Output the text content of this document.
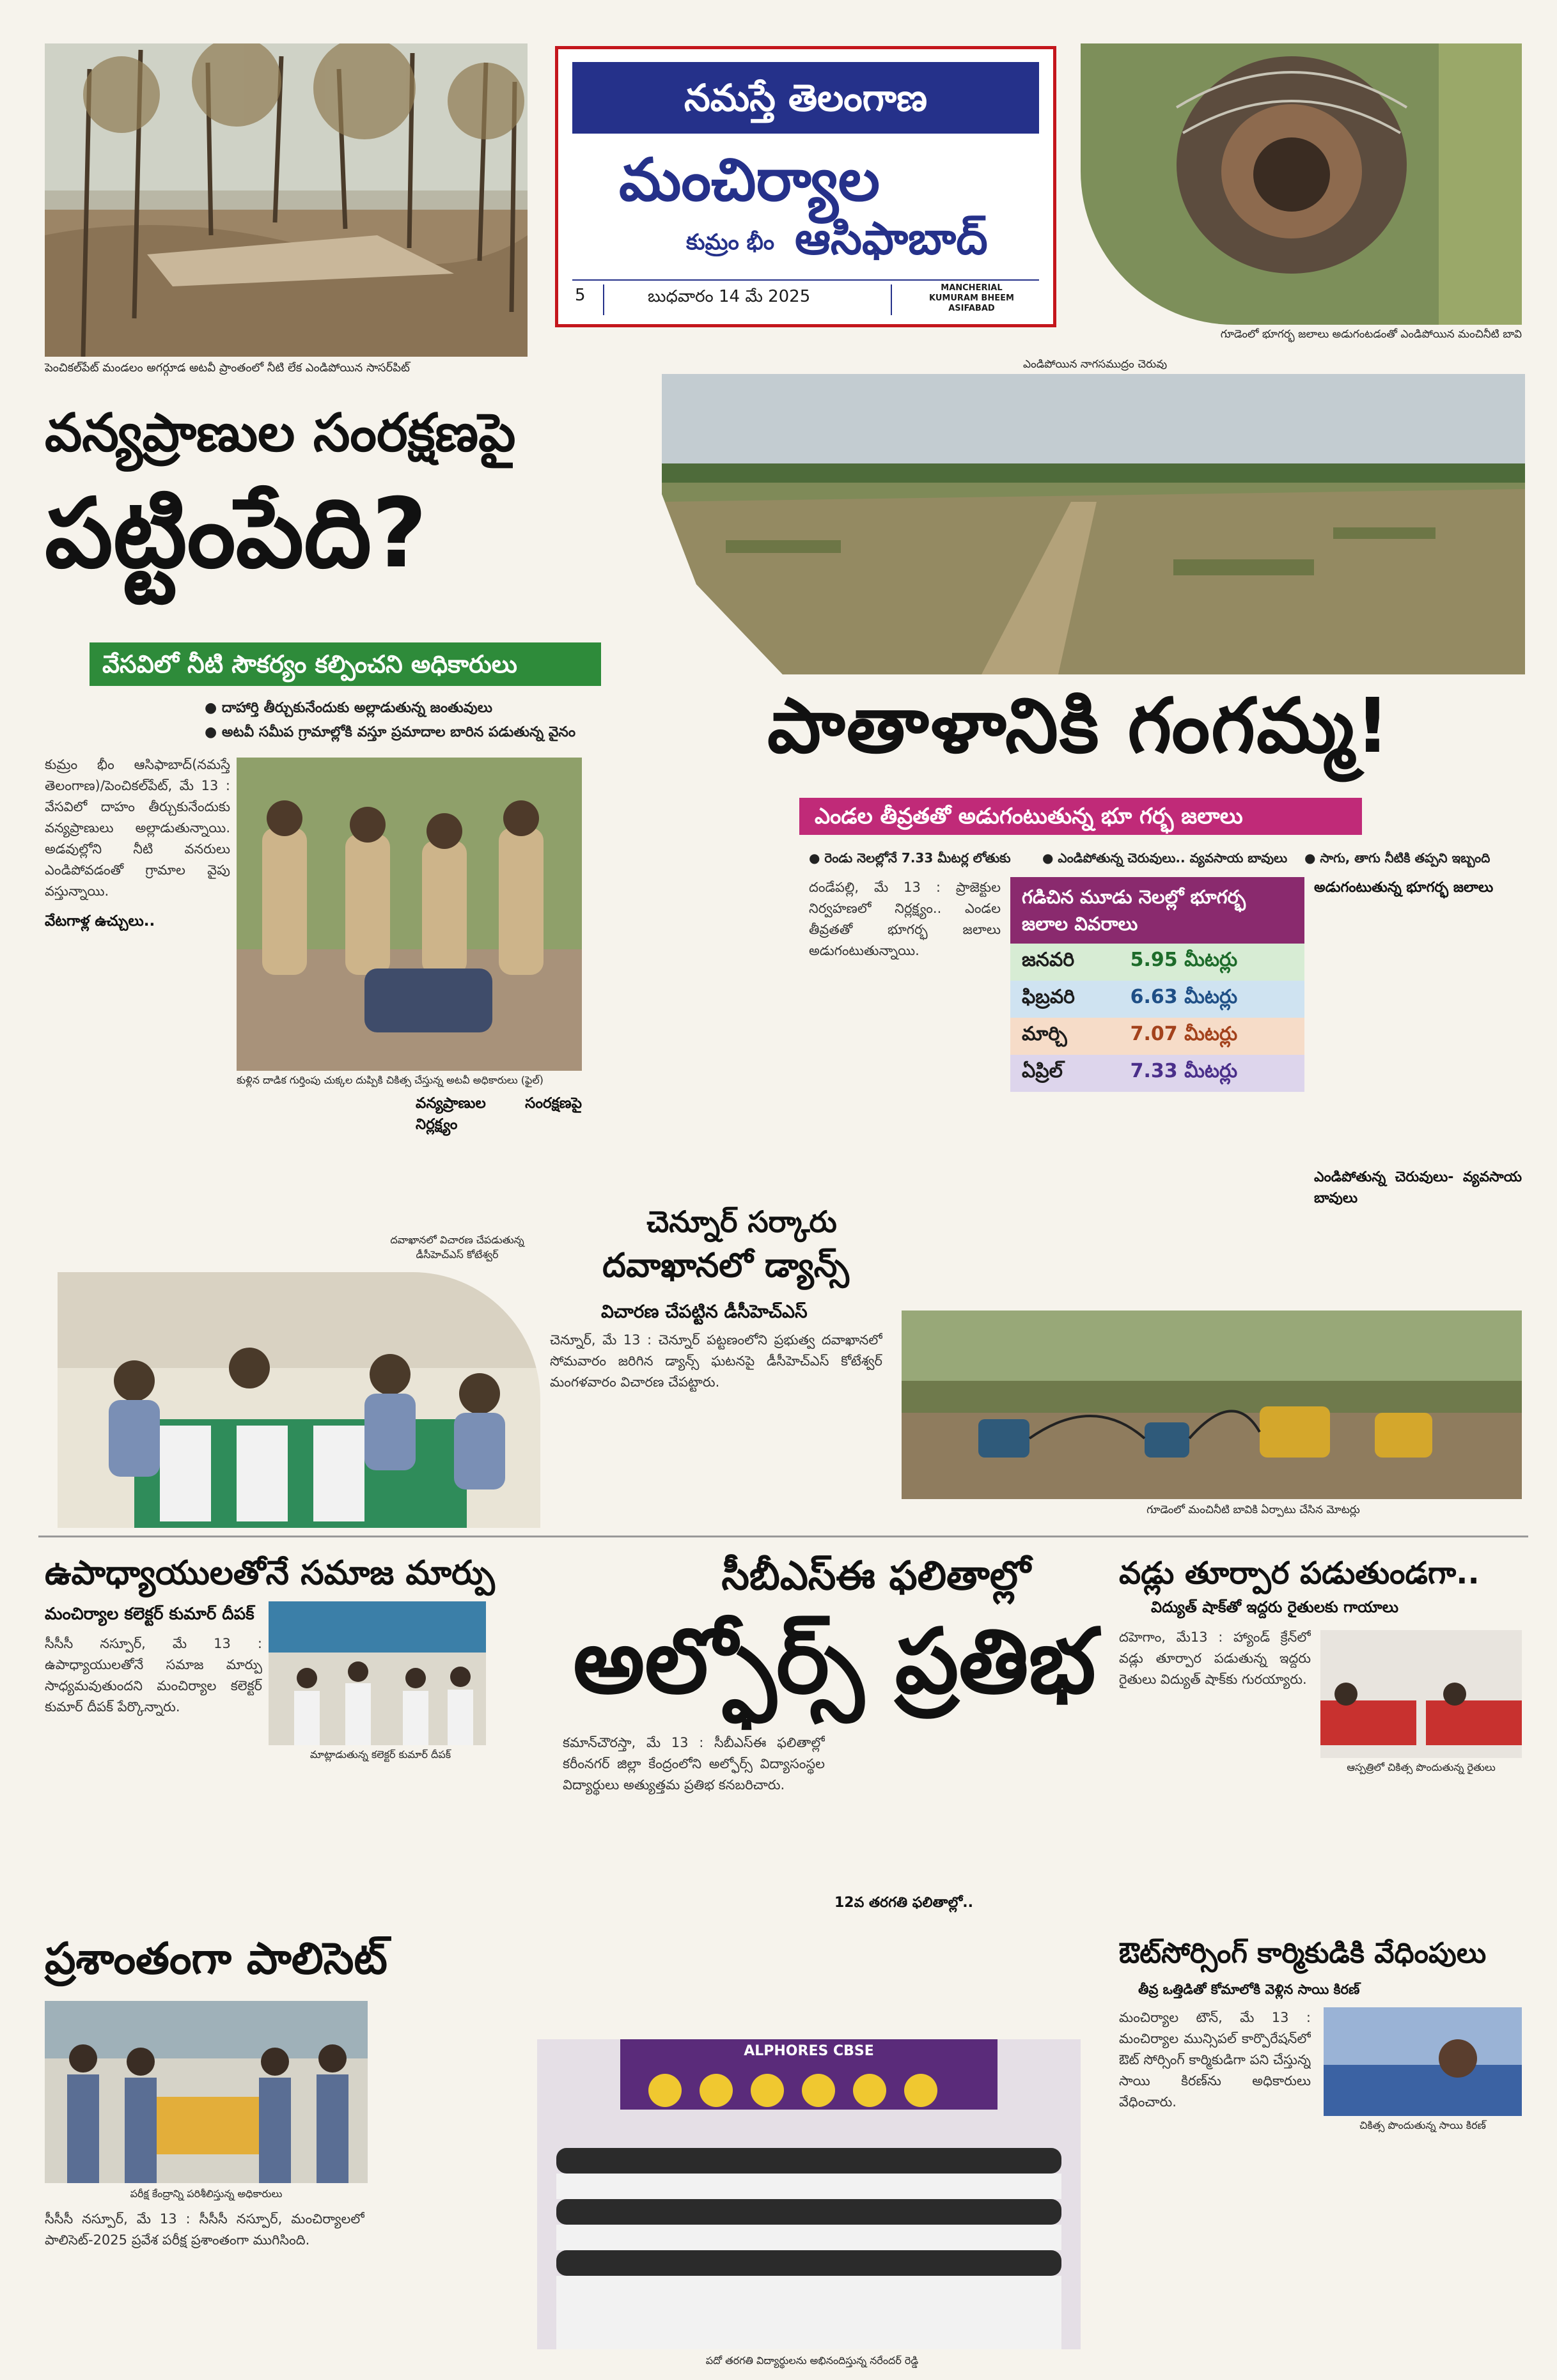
పెంచికల్‌పేట్ మండలం అగర్గూడ అటవీ ప్రాంతంలో నీటి లేక ఎండిపోయిన సాసర్‌పిట్
నమస్తే తెలంగాణ
మంచిర్యాల
కుమ్రం భీం ఆసిఫాబాద్
5	బుధవారం 14 మే 2025	MANCHERIAL
KUMURAM BHEEM
ASIFABAD
గూడెంలో భూగర్భ జలాలు అడుగంటడంతో ఎండిపోయిన మంచినీటి బావి
ఎండిపోయిన నాగసముద్రం చెరువు
వన్యప్రాణుల సంరక్షణపై
పట్టింపేది?
వేసవిలో నీటి సౌకర్యం కల్పించని అధికారులు
● దాహార్తి తీర్చుకునేందుకు అల్లాడుతున్న జంతువులు
● అటవీ సమీప గ్రామాల్లోకి వస్తూ ప్రమాదాల బారిన పడుతున్న వైనం
కుమ్రం భీం ఆసిఫాబాద్(నమస్తే తెలంగాణ)/పెంచికల్‌పేట్, మే 13 : వేసవిలో దాహం తీర్చుకునేందుకు వన్యప్రాణులు అల్లాడుతున్నాయి. అడవుల్లోని నీటి వనరులు ఎండిపోవడంతో గ్రామాల వైపు వస్తున్నాయి.
వేటగాళ్ల ఉచ్చులు..
కుళ్లిన దాడిక గుర్తింపు చుక్కల దుప్పికి చికిత్స చేస్తున్న అటవీ అధికారులు (ఫైల్)
వన్యప్రాణుల సంరక్షణపై నిర్లక్ష్యం
పాతాళానికి గంగమ్మ!
ఎండల తీవ్రతతో అడుగంటుతున్న భూ గర్భ జలాలు
● రెండు నెలల్లోనే 7.33 మీటర్ల లోతుకు ● ఎండిపోతున్న చెరువులు.. వ్యవసాయ బావులు ● సాగు, తాగు నీటికి తప్పని ఇబ్బంది
దండేపల్లి, మే 13 : ప్రాజెక్టుల నిర్వహణలో నిర్లక్ష్యం.. ఎండల తీవ్రతతో భూగర్భ జలాలు అడుగంటుతున్నాయి.
గడిచిన మూడు నెలల్లో భూగర్భ జలాల వివరాలు
జనవరి	5.95 మీటర్లు
ఫిబ్రవరి	6.63 మీటర్లు
మార్చి	7.07 మీటర్లు
ఏప్రిల్	7.33 మీటర్లు
అడుగంటుతున్న భూగర్భ జలాలు
ఎండిపోతున్న చెరువులు- వ్యవసాయ బావులు
గూడెంలో మంచినీటి బావికి ఏర్పాటు చేసిన మోటర్లు
చెన్నూర్ సర్కారు
దవాఖానలో డ్యాన్స్
విచారణ చేపట్టిన డీసీహెచ్‌ఎస్
దవాఖానలో విచారణ చేపడుతున్న డీసీహెచ్‌ఎస్ కోటేశ్వర్
చెన్నూర్, మే 13 : చెన్నూర్ పట్టణంలోని ప్రభుత్వ దవాఖానలో సోమవారం జరిగిన డ్యాన్స్ ఘటనపై డీసీహెచ్‌ఎస్ కోటేశ్వర్ మంగళవారం విచారణ చేపట్టారు.
ఉపాధ్యాయులతోనే సమాజ మార్పు
మంచిర్యాల కలెక్టర్ కుమార్ దీపక్
సీసీసీ నస్పూర్, మే 13 : ఉపాధ్యాయులతోనే సమాజ మార్పు సాధ్యమవుతుందని మంచిర్యాల కలెక్టర్ కుమార్ దీపక్ పేర్కొన్నారు.
మాట్లాడుతున్న కలెక్టర్ కుమార్ దీపక్
ప్రశాంతంగా పాలిసెట్
పరీక్ష కేంద్రాన్ని పరిశీలిస్తున్న అధికారులు
సీసీసీ నస్పూర్, మే 13 : సీసీసీ నస్పూర్, మంచిర్యాలలో పాలిసెట్-2025 ప్రవేశ పరీక్ష ప్రశాంతంగా ముగిసింది.
సీబీఎస్ఈ ఫలితాల్లో
అల్ఫోర్స్ ప్రతిభ
కమాన్‌చౌరస్తా, మే 13 : సీబీఎస్ఈ ఫలితాల్లో కరీంనగర్ జిల్లా కేంద్రంలోని అల్ఫోర్స్ విద్యాసంస్థల విద్యార్థులు అత్యుత్తమ ప్రతిభ కనబరిచారు.
12వ తరగతి ఫలితాల్లో..
ALPHORES CBSE
పదో తరగతి విద్యార్థులను అభినందిస్తున్న నరేందర్ రెడ్డి
వడ్లు తూర్పార పడుతుండగా..
విద్యుత్ షాక్‌తో ఇద్దరు రైతులకు గాయాలు
దహెగాం, మే13 : హ్యాండ్ క్రేన్‌లో వడ్లు తూర్పార పడుతున్న ఇద్దరు రైతులు విద్యుత్ షాక్‌కు గురయ్యారు.
ఆస్పత్రిలో చికిత్స పొందుతున్న రైతులు
ఔట్‌సోర్సింగ్ కార్మికుడికి వేధింపులు
తీవ్ర ఒత్తిడితో కోమాలోకి వెళ్లిన సాయి కిరణ్
మంచిర్యాల టౌన్, మే 13 : మంచిర్యాల మున్సిపల్ కార్పొరేషన్‌లో ఔట్ సోర్సింగ్ కార్మికుడిగా పని చేస్తున్న సాయి కిరణ్‌ను అధికారులు వేధించారు.
చికిత్స పొందుతున్న సాయి కిరణ్
